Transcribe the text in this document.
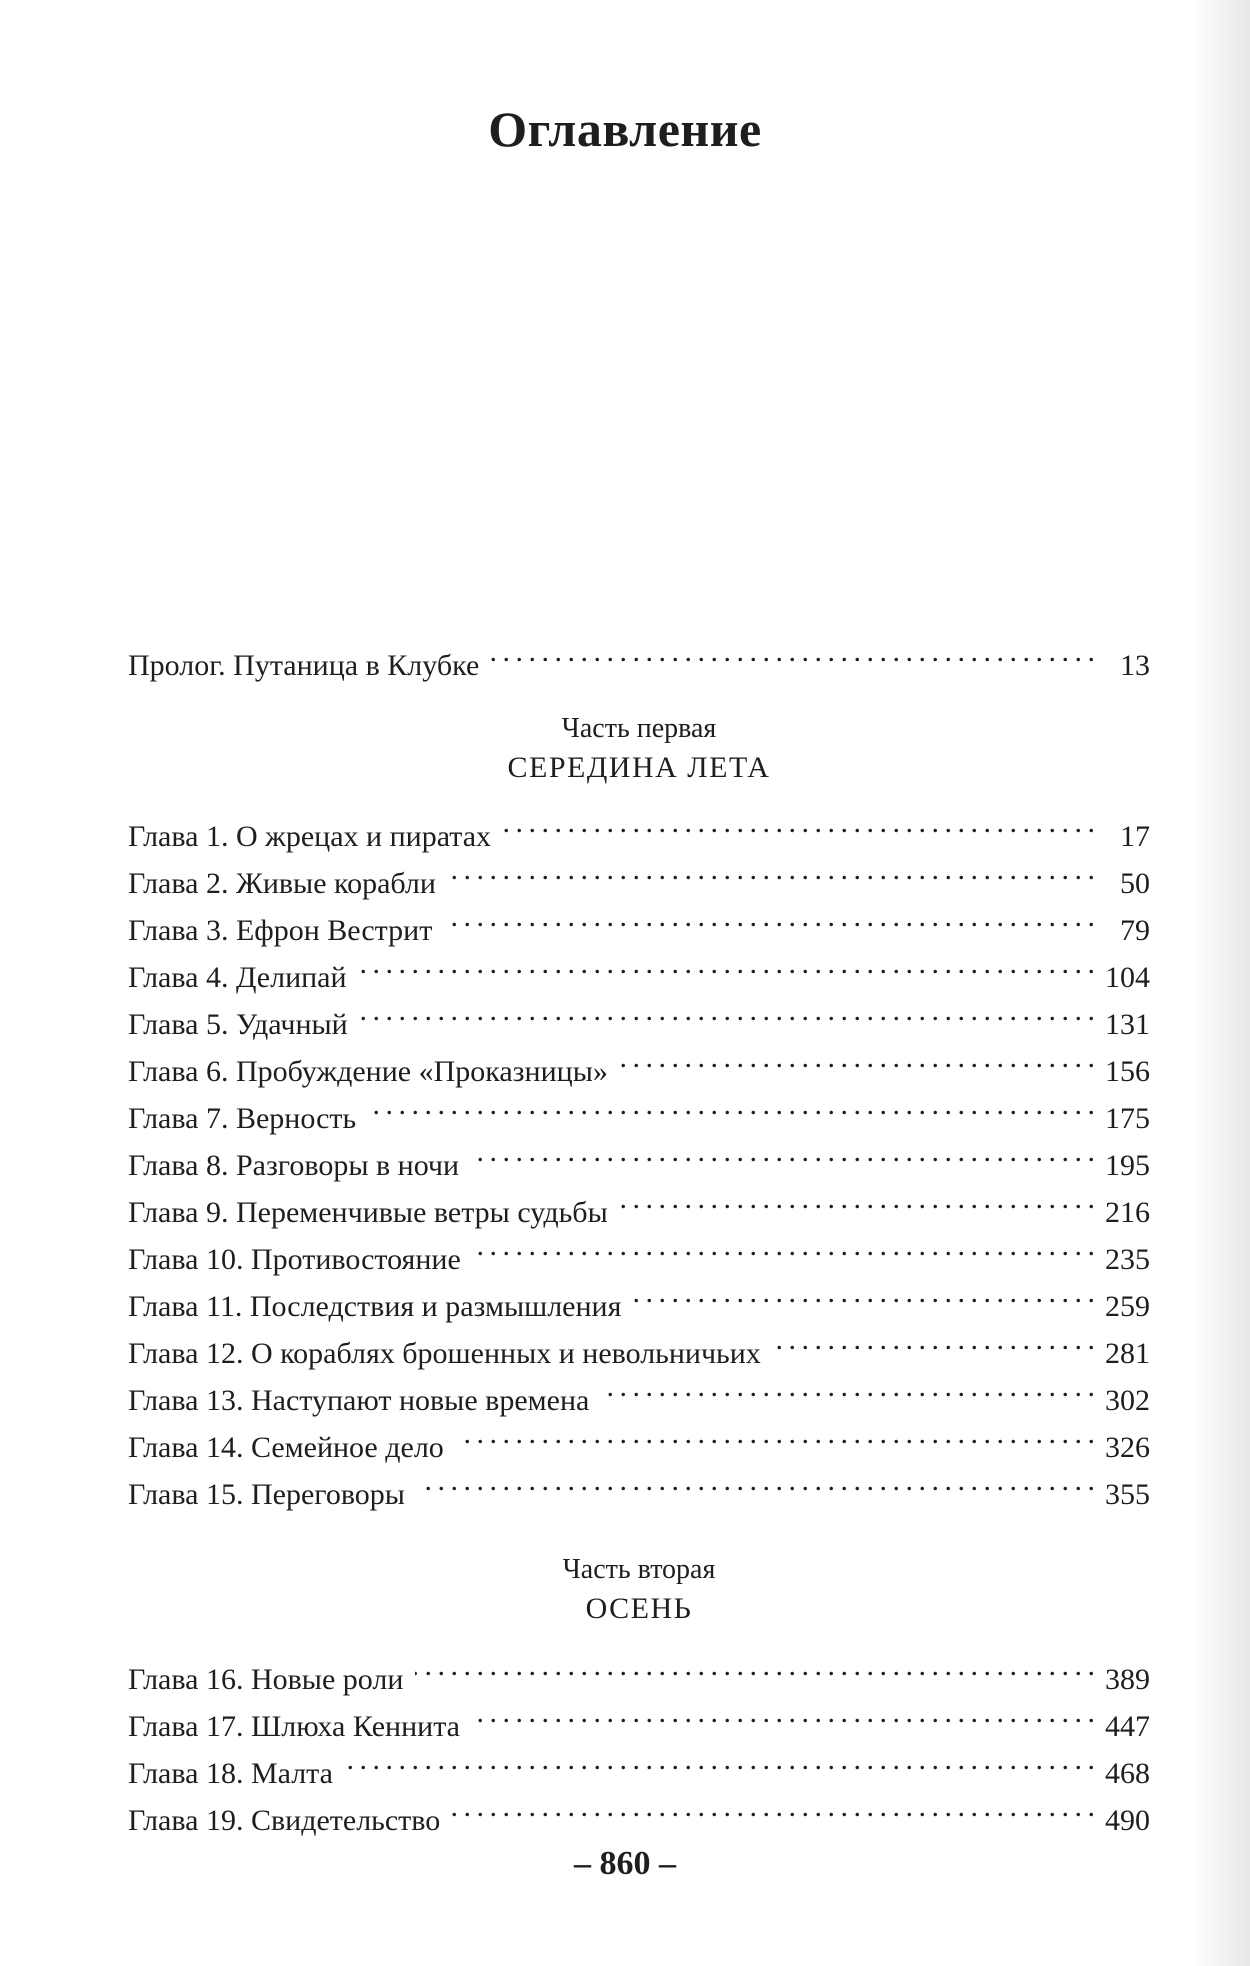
Оглавление
Пролог. Путаница в Клубке . . .	13
Часть первая
СЕРЕДИНА ЛЕТА
Глава 1. О жрецах и пиратах . . .	17
Глава 2. Живые корабли . . .	50
Глава 3. Ефрон Вестрит . . .	79
Глава 4. Делипай . . .	104
Глава 5. Удачный . . .	131
Глава 6. Пробуждение «Проказницы» . . .	156
Глава 7. Верность . . .	175
Глава 8. Разговоры в ночи . . .	195
Глава 9. Переменчивые ветры судьбы . . .	216
Глава 10. Противостояние . . .	235
Глава 11. Последствия и размышления . . .	259
Глава 12. О кораблях брошенных и невольничьих . . .	281
Глава 13. Наступают новые времена . . .	302
Глава 14. Семейное дело . . .	326
Глава 15. Переговоры . . .	355
Часть вторая
ОСЕНЬ
Глава 16. Новые роли . . .	389
Глава 17. Шлюха Кеннита . . .	447
Глава 18. Малта . . .	468
Глава 19. Свидетельство . . .	490
– 860 –
